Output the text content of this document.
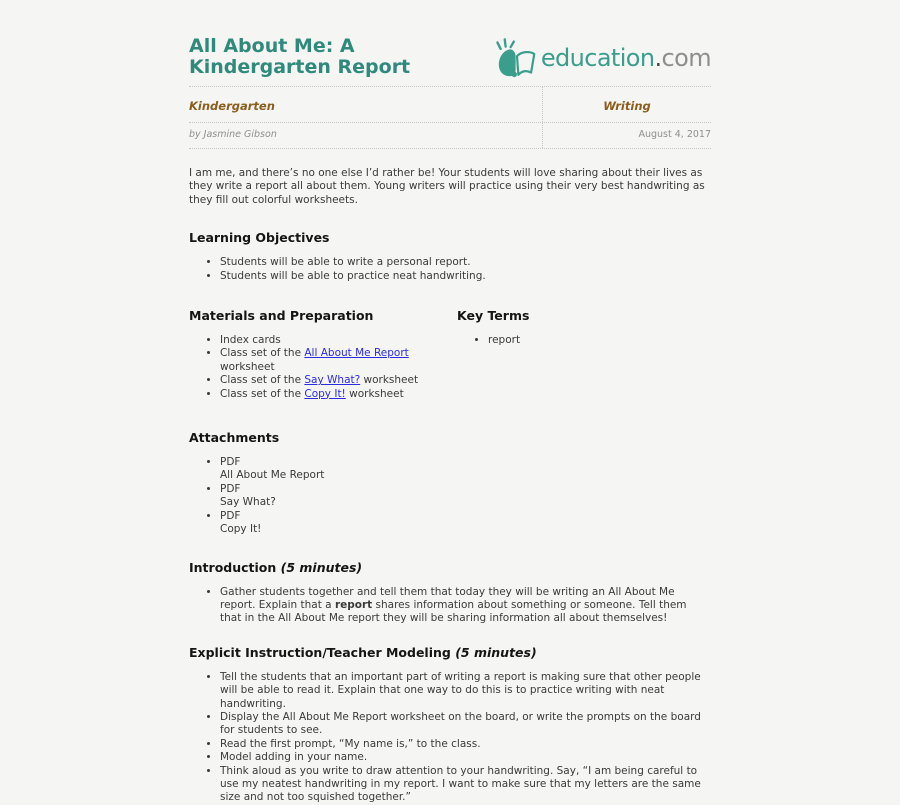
All About Me: A Kindergarten Report	education.com
Kindergarten	Writing
by Jasmine Gibson	August 4, 2017

I am me, and there’s no one else I’d rather be! Your students will love sharing about their lives as they write a report all about them. Young writers will practice using their very best handwriting as they fill out colorful worksheets.

Learning Objectives
• Students will be able to write a personal report.
• Students will be able to practice neat handwriting.
Materials and Preparation
• Index cards
• Class set of the All About Me Report worksheet
• Class set of the Say What? worksheet
• Class set of the Copy It! worksheet
Key Terms
• report
Attachments
• PDF
All About Me Report
• PDF
Say What?
• PDF
Copy It!
Introduction (5 minutes)
• Gather students together and tell them that today they will be writing an All About Me report. Explain that a report shares information about something or someone. Tell them that in the All About Me report they will be sharing information all about themselves!
Explicit Instruction/Teacher Modeling (5 minutes)
• Tell the students that an important part of writing a report is making sure that other people will be able to read it. Explain that one way to do this is to practice writing with neat handwriting.
• Display the All About Me Report worksheet on the board, or write the prompts on the board for students to see.
• Read the first prompt, “My name is,” to the class.
• Model adding in your name.
• Think aloud as you write to draw attention to your handwriting. Say, “I am being careful to use my neatest handwriting in my report. I want to make sure that my letters are the same size and not too squished together.”
